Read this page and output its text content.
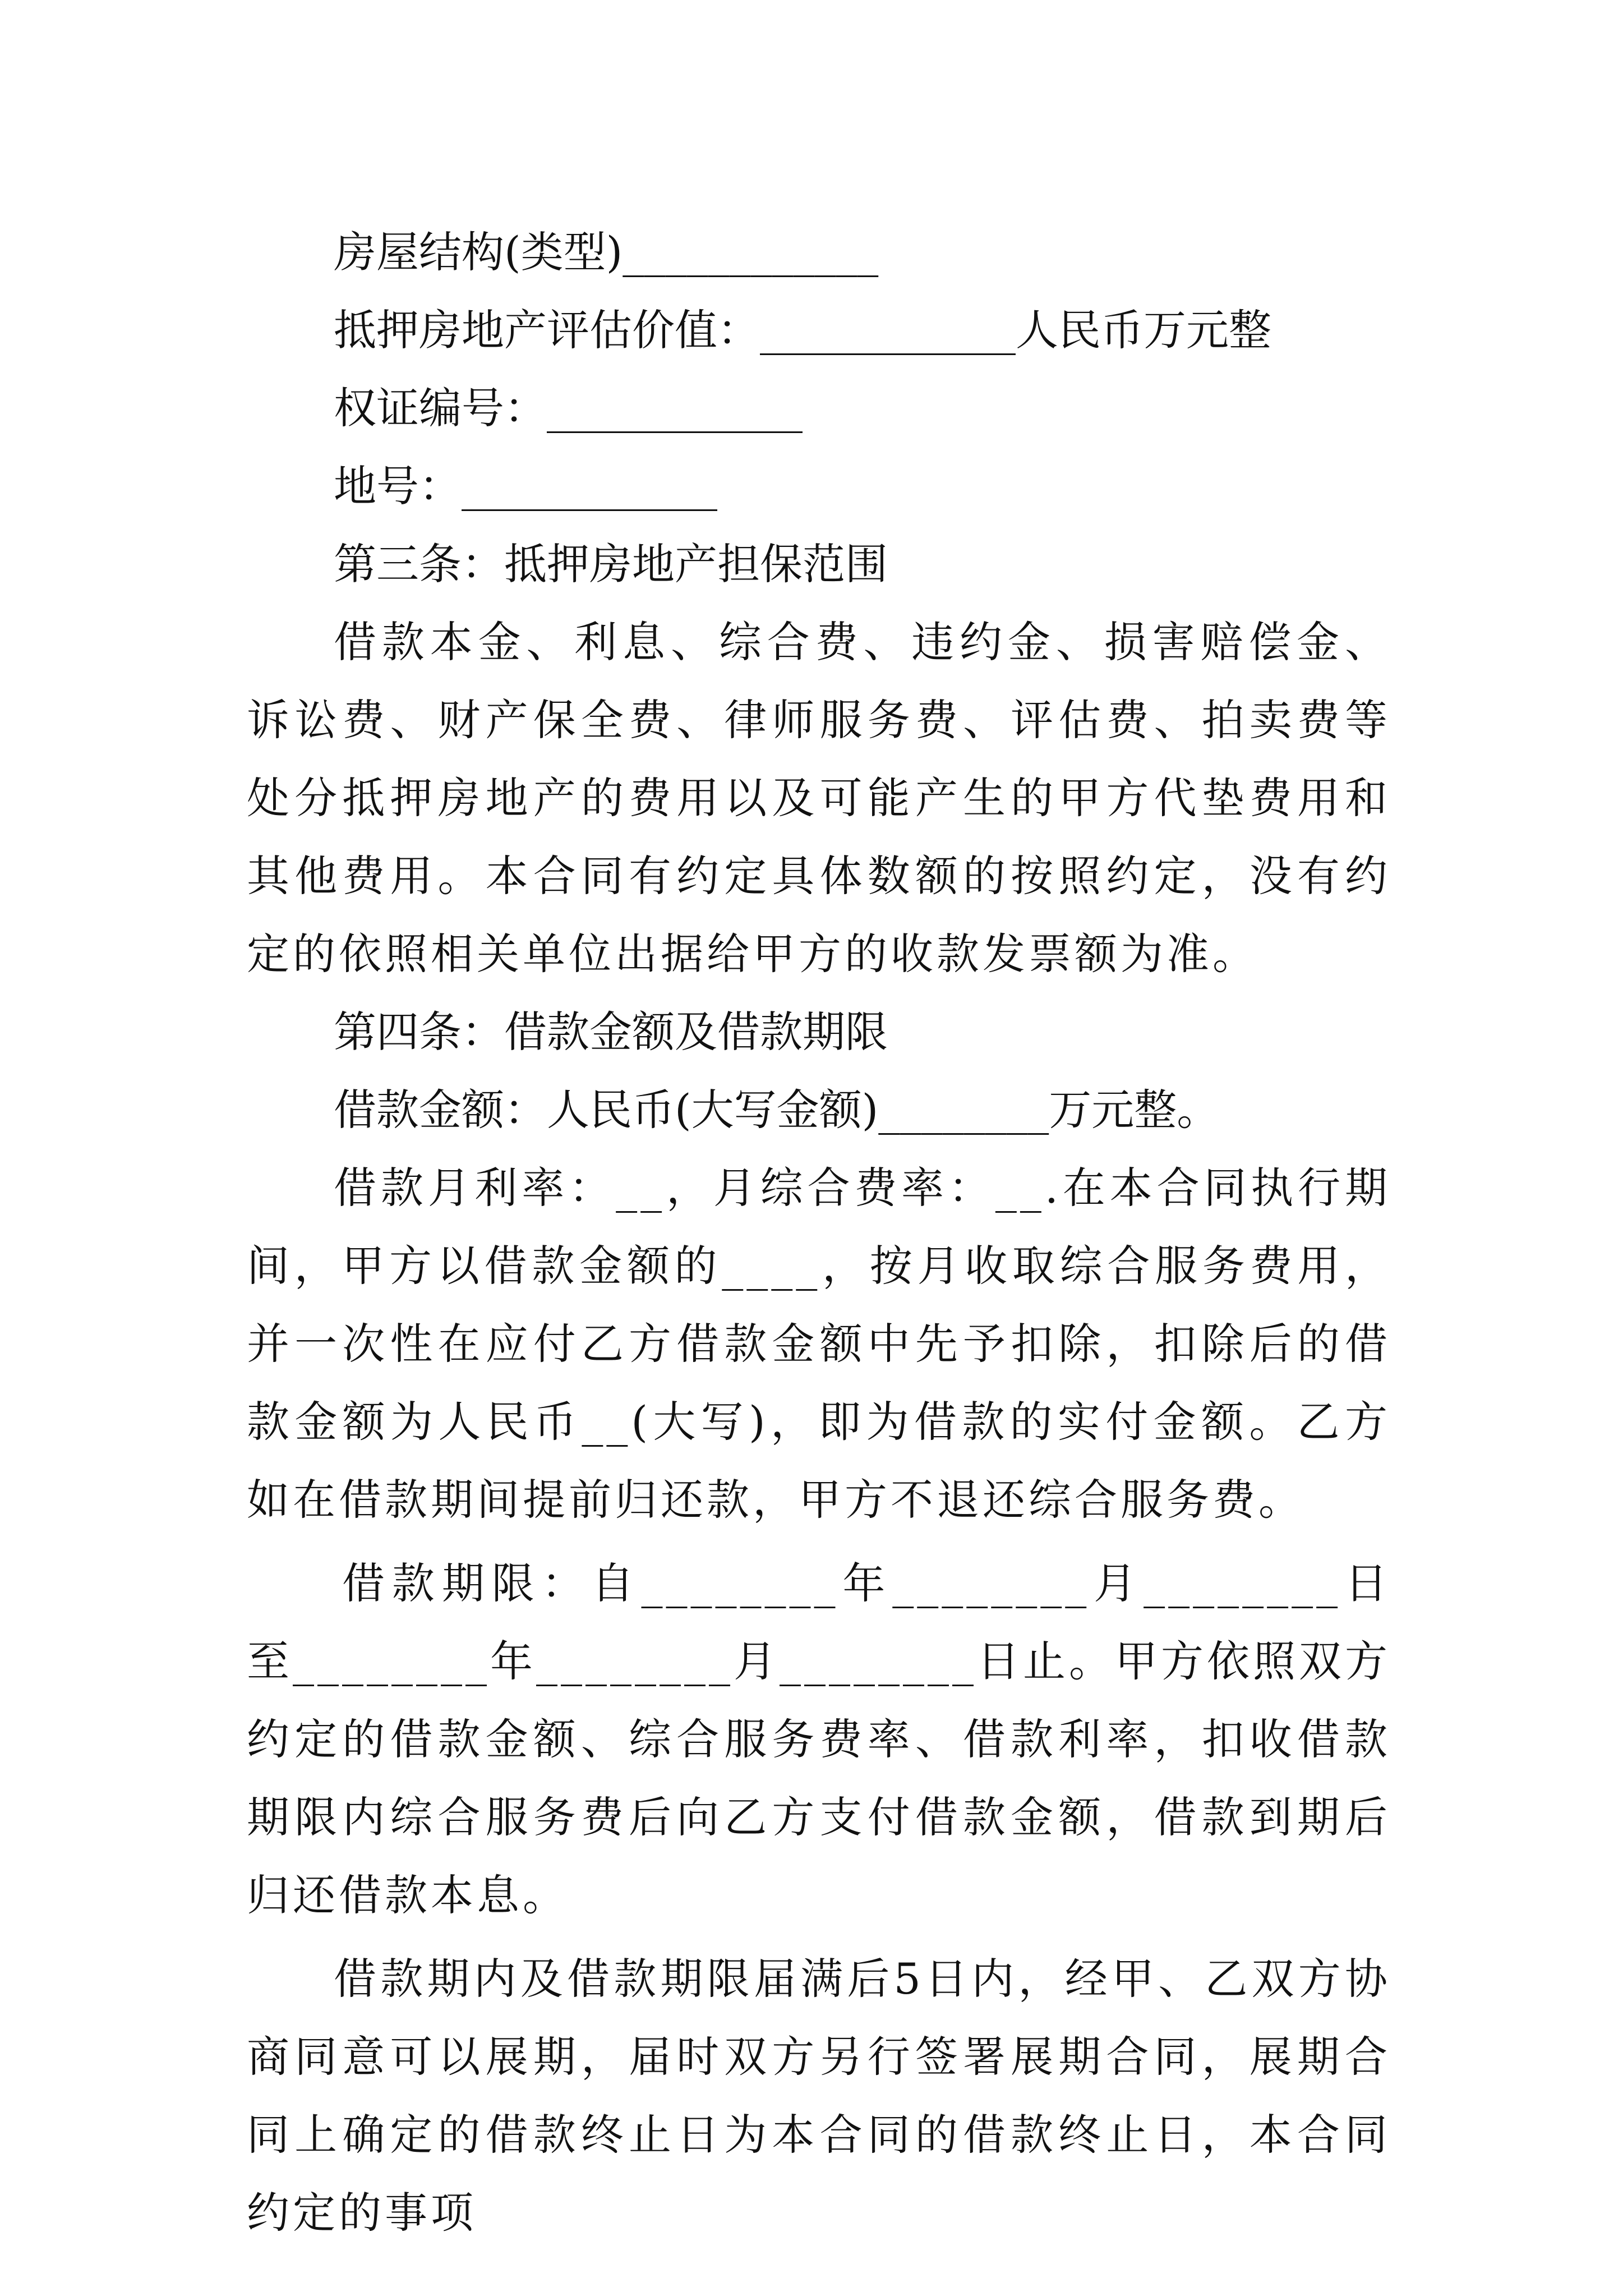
房屋结构(类型)____________

抵押房地产评估价值：____________人民币万元整

权证编号：____________

地号：____________

第三条：抵押房地产担保范围

借款本金、利息、综合费、违约金、损害赔偿金、诉讼费、财产保全费、律师服务费、评估费、拍卖费等处分抵押房地产的费用以及可能产生的甲方代垫费用和其他费用。本合同有约定具体数额的按照约定，没有约定的依照相关单位出据给甲方的收款发票额为准。

第四条：借款金额及借款期限

借款金额：人民币(大写金额)________万元整。

借款月利率：__，月综合费率：__.在本合同执行期间，甲方以借款金额的____，按月收取综合服务费用，并一次性在应付乙方借款金额中先予扣除，扣除后的借款金额为人民币__(大写)，即为借款的实付金额。乙方如在借款期间提前归还款，甲方不退还综合服务费。

借款期限：自________年________月________日至________年________月________日止。甲方依照双方约定的借款金额、综合服务费率、借款利率，扣收借款期限内综合服务费后向乙方支付借款金额，借款到期后归还借款本息。

借款期内及借款期限届满后5日内，经甲、乙双方协商同意可以展期，届时双方另行签署展期合同，展期合同上确定的借款终止日为本合同的借款终止日，本合同约定的事项
